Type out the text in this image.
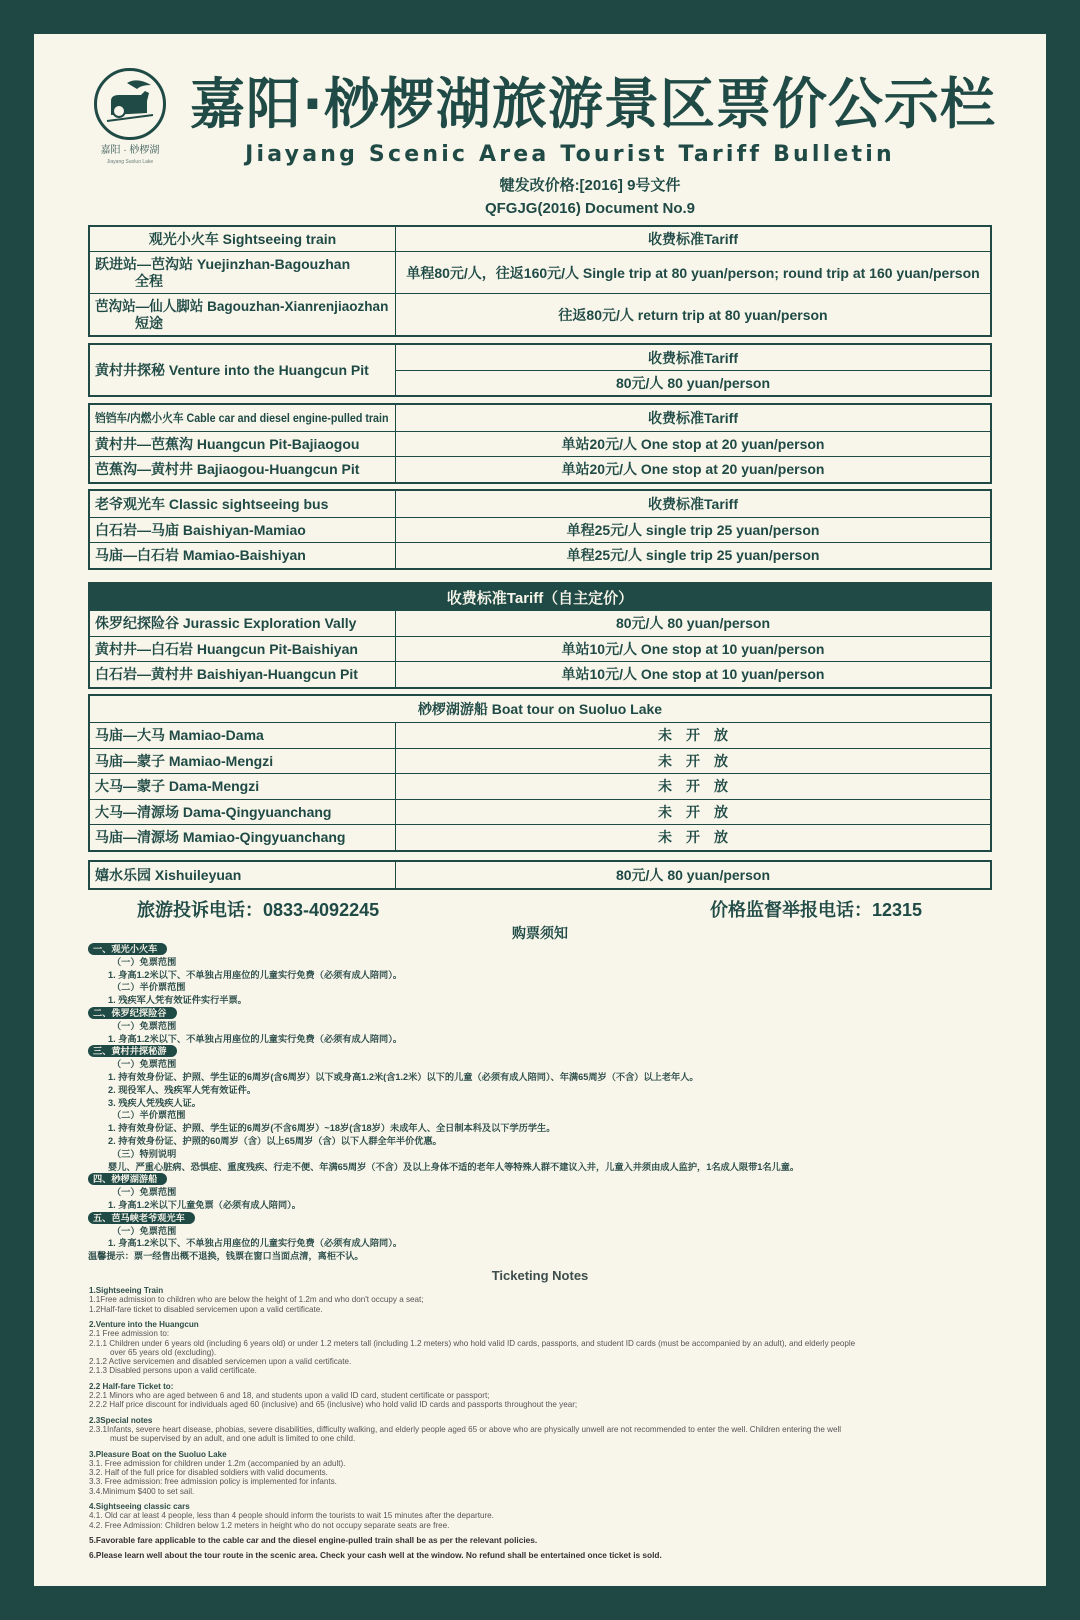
嘉阳 · 桫椤湖
Jiayang Suoluo Lake
嘉阳·桫椤湖旅游景区票价公示栏
Jiayang Scenic Area Tourist Tariff Bulletin
犍发改价格:[2016] 9号文件
QFGJG(2016) Document No.9
观光小火车 Sightseeing train	收费标准Tariff
跃进站—芭沟站 Yuejinzhan-Bagouzhan
全程	单程80元/人，往返160元/人 Single trip at 80 yuan/person; round trip at 160 yuan/person
芭沟站—仙人脚站 Bagouzhan-Xianrenjiaozhan
短途	往返80元/人 return trip at 80 yuan/person
黄村井探秘 Venture into the Huangcun Pit
收费标准Tariff
80元/人 80 yuan/person
铛铛车/内燃小火车 Cable car and diesel engine-pulled train	收费标准Tariff
黄村井—芭蕉沟 Huangcun Pit-Bajiaogou	单站20元/人 One stop at 20 yuan/person
芭蕉沟—黄村井 Bajiaogou-Huangcun Pit	单站20元/人 One stop at 20 yuan/person
老爷观光车 Classic sightseeing bus	收费标准Tariff
白石岩—马庙 Baishiyan-Mamiao	单程25元/人 single trip 25 yuan/person
马庙—白石岩 Mamiao-Baishiyan	单程25元/人 single trip 25 yuan/person
收费标准Tariff（自主定价）
侏罗纪探险谷 Jurassic Exploration Vally	80元/人 80 yuan/person
黄村井—白石岩 Huangcun Pit-Baishiyan	单站10元/人 One stop at 10 yuan/person
白石岩—黄村井 Baishiyan-Huangcun Pit	单站10元/人 One stop at 10 yuan/person
桫椤湖游船 Boat tour on Suoluo Lake
马庙—大马 Mamiao-Dama	未　开　放
马庙—蒙子 Mamiao-Mengzi	未　开　放
大马—蒙子 Dama-Mengzi	未　开　放
大马—清源场 Dama-Qingyuanchang	未　开　放
马庙—清源场 Mamiao-Qingyuanchang	未　开　放
嬉水乐园 Xishuileyuan	80元/人 80 yuan/person
旅游投诉电话：0833-4092245	价格监督举报电话：12315
购票须知
一、观光小火车
（一）免票范围
1. 身高1.2米以下、不单独占用座位的儿童实行免费（必须有成人陪同）。
（二）半价票范围
1. 残疾军人凭有效证件实行半票。
二、侏罗纪探险谷
（一）免票范围
1. 身高1.2米以下、不单独占用座位的儿童实行免费（必须有成人陪同）。
三、黄村井探秘游
（一）免票范围
1. 持有效身份证、护照、学生证的6周岁(含6周岁）以下或身高1.2米(含1.2米）以下的儿童（必须有成人陪同）、年满65周岁（不含）以上老年人。
2. 现役军人、残疾军人凭有效证件。
3. 残疾人凭残疾人证。
（二）半价票范围
1. 持有效身份证、护照、学生证的6周岁(不含6周岁）~18岁(含18岁）未成年人、全日制本科及以下学历学生。
2. 持有效身份证、护照的60周岁（含）以上65周岁（含）以下人群全年半价优惠。
（三）特别说明
婴儿、严重心脏病、恐惧症、重度残疾、行走不便、年满65周岁（不含）及以上身体不适的老年人等特殊人群不建议入井，儿童入井须由成人监护，1名成人限带1名儿童。
四、桫椤湖游船
（一）免票范围
1. 身高1.2米以下儿童免票（必须有成人陪同）。
五、芭马峡老爷观光车
（一）免票范围
1. 身高1.2米以下、不单独占用座位的儿童实行免费（必须有成人陪同）。
温馨提示：票一经售出概不退换，钱票在窗口当面点清，离柜不认。
Ticketing Notes
1.Sightseeing Train
1.1Free admission to children who are below the height of 1.2m and who don't occupy a seat;
1.2Half-fare ticket to disabled servicemen upon a valid certificate.
2.Venture into the Huangcun
2.1 Free admission to:
2.1.1 Children under 6 years old (including 6 years old) or under 1.2 meters tall (including 1.2 meters) who hold valid ID cards, passports, and student ID cards (must be accompanied by an adult), and elderly people
over 65 years old (excluding).
2.1.2 Active servicemen and disabled servicemen upon a valid certificate.
2.1.3 Disabled persons upon a valid certificate.
2.2 Half-fare Ticket to:
2.2.1 Minors who are aged between 6 and 18, and students upon a valid ID card, student certificate or passport;
2.2.2 Half price discount for individuals aged 60 (inclusive) and 65 (inclusive) who hold valid ID cards and passports throughout the year;
2.3Special notes
2.3.1Infants, severe heart disease, phobias, severe disabilities, difficulty walking, and elderly people aged 65 or above who are physically unwell are not recommended to enter the well. Children entering the well
must be supervised by an adult, and one adult is limited to one child.
3.Pleasure Boat on the Suoluo Lake
3.1. Free admission for children under 1.2m (accompanied by an adult).
3.2. Half of the full price for disabled soldiers with valid documents.
3.3. Free admission: free admission policy is implemented for infants.
3.4.Minimum $400 to set sail.
4.Sightseeing classic cars
4.1. Old car at least 4 people, less than 4 people should inform the tourists to wait 15 minutes after the departure.
4.2. Free Admission: Children below 1.2 meters in height who do not occupy separate seats are free.
5.Favorable fare applicable to the cable car and the diesel engine-pulled train shall be as per the relevant policies.
6.Please learn well about the tour route in the scenic area. Check your cash well at the window. No refund shall be entertained once ticket is sold.
